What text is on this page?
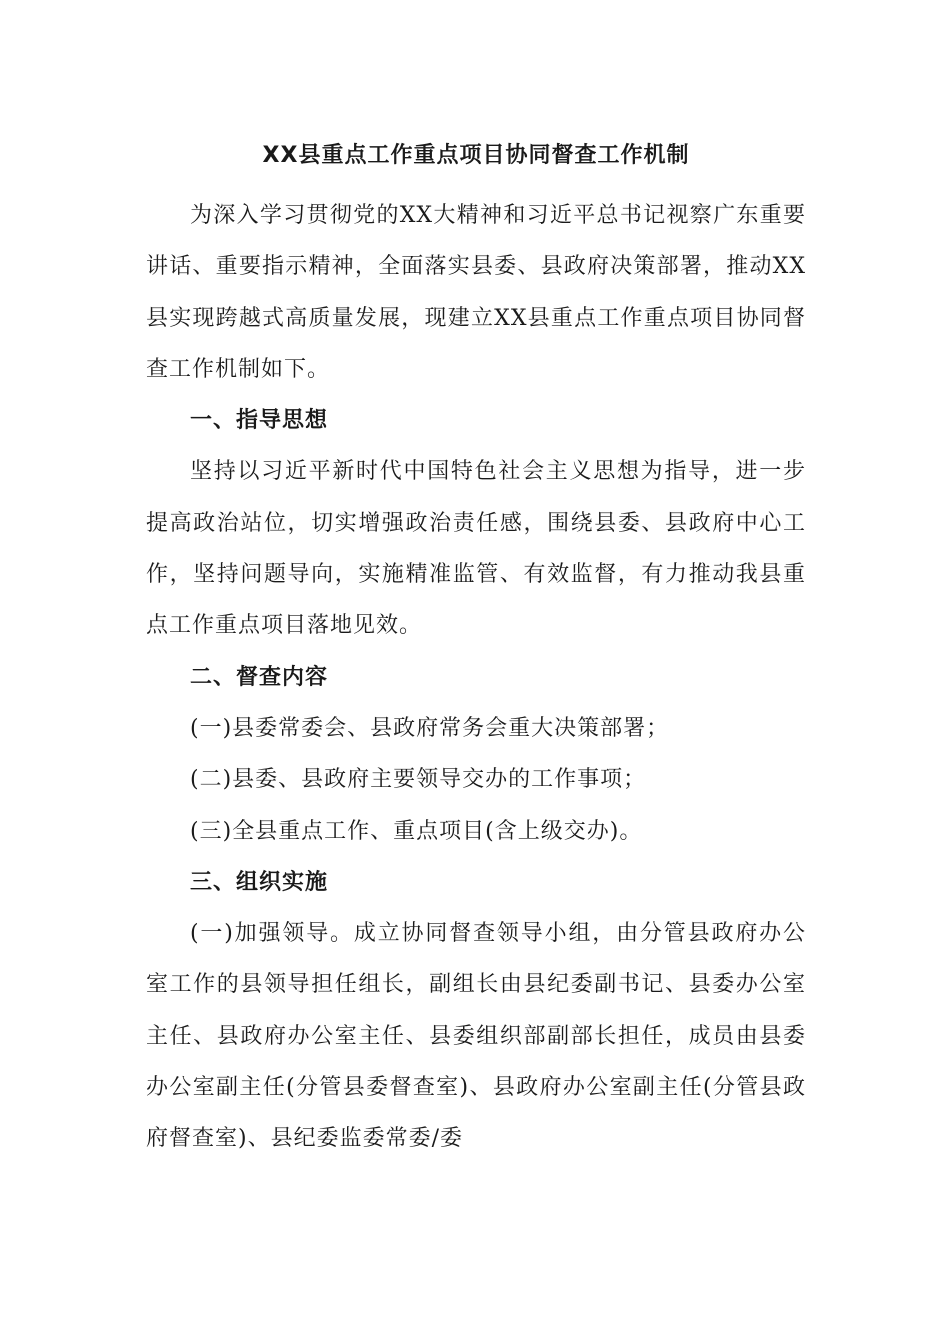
XX县重点工作重点项目协同督查工作机制

为深入学习贯彻党的XX大精神和习近平总书记视察广东重要讲话、重要指示精神，全面落实县委、县政府决策部署，推动XX县实现跨越式高质量发展，现建立XX县重点工作重点项目协同督查工作机制如下。

一、指导思想

坚持以习近平新时代中国特色社会主义思想为指导，进一步提高政治站位，切实增强政治责任感，围绕县委、县政府中心工作，坚持问题导向，实施精准监管、有效监督，有力推动我县重点工作重点项目落地见效。

二、督查内容

(一)县委常委会、县政府常务会重大决策部署；

(二)县委、县政府主要领导交办的工作事项；

(三)全县重点工作、重点项目(含上级交办)。

三、组织实施

(一)加强领导。成立协同督查领导小组，由分管县政府办公室工作的县领导担任组长，副组长由县纪委副书记、县委办公室主任、县政府办公室主任、县委组织部副部长担任，成员由县委办公室副主任(分管县委督查室)、县政府办公室副主任(分管县政府督查室)、县纪委监委常委/委
